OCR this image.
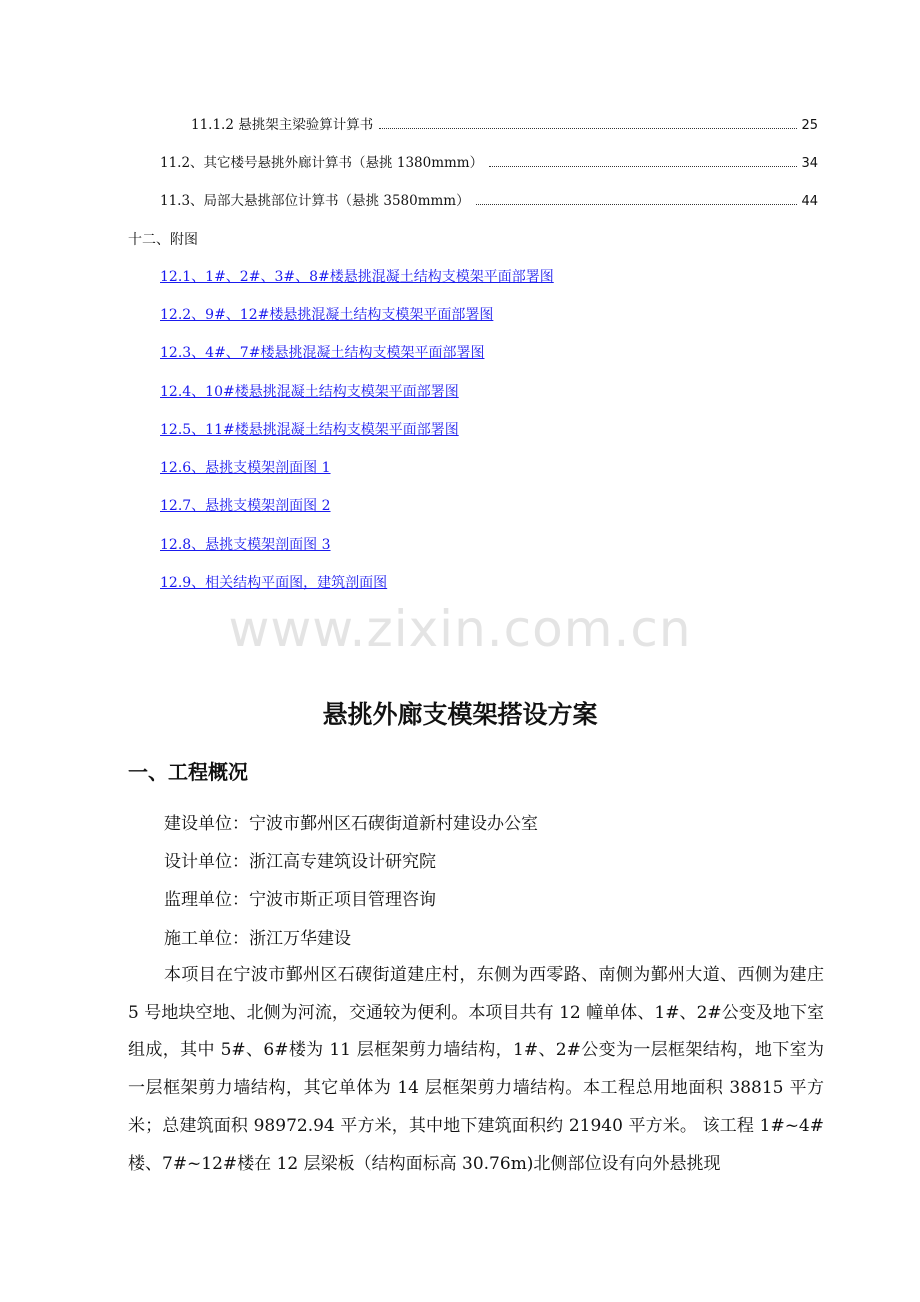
11.1.2 悬挑架主梁验算计算书	25
11.2、其它楼号悬挑外廊计算书（悬挑 1380mmm）	34
11.3、局部大悬挑部位计算书（悬挑 3580mmm）	44
十二、附图
12.1、1#、2#、3#、8#楼悬挑混凝土结构支模架平面部署图
12.2、9#、12#楼悬挑混凝土结构支模架平面部署图
12.3、4#、7#楼悬挑混凝土结构支模架平面部署图
12.4、10#楼悬挑混凝土结构支模架平面部署图
12.5、11#楼悬挑混凝土结构支模架平面部署图
12.6、悬挑支模架剖面图 1
12.7、悬挑支模架剖面图 2
12.8、悬挑支模架剖面图 3
12.9、相关结构平面图，建筑剖面图
www.zixin.com.cn
悬挑外廊支模架搭设方案
一、工程概况
建设单位：宁波市鄞州区石碶街道新村建设办公室
设计单位：浙江高专建筑设计研究院
监理单位：宁波市斯正项目管理咨询
施工单位：浙江万华建设
本项目在宁波市鄞州区石碶街道建庄村，东侧为西零路、南侧为鄞州大道、西侧为建庄 5 号地块空地、北侧为河流，交通较为便利。本项目共有 12 幢单体、1#、2#公变及地下室组成，其中 5#、6#楼为 11 层框架剪力墙结构，1#、2#公变为一层框架结构，地下室为一层框架剪力墙结构，其它单体为 14 层框架剪力墙结构。本工程总用地面积 38815 平方米；总建筑面积 98972.94 平方米，其中地下建筑面积约 21940 平方米。 该工程 1#~4#楼、7#~12#楼在 12 层梁板（结构面标高 30.76m)北侧部位设有向外悬挑现
